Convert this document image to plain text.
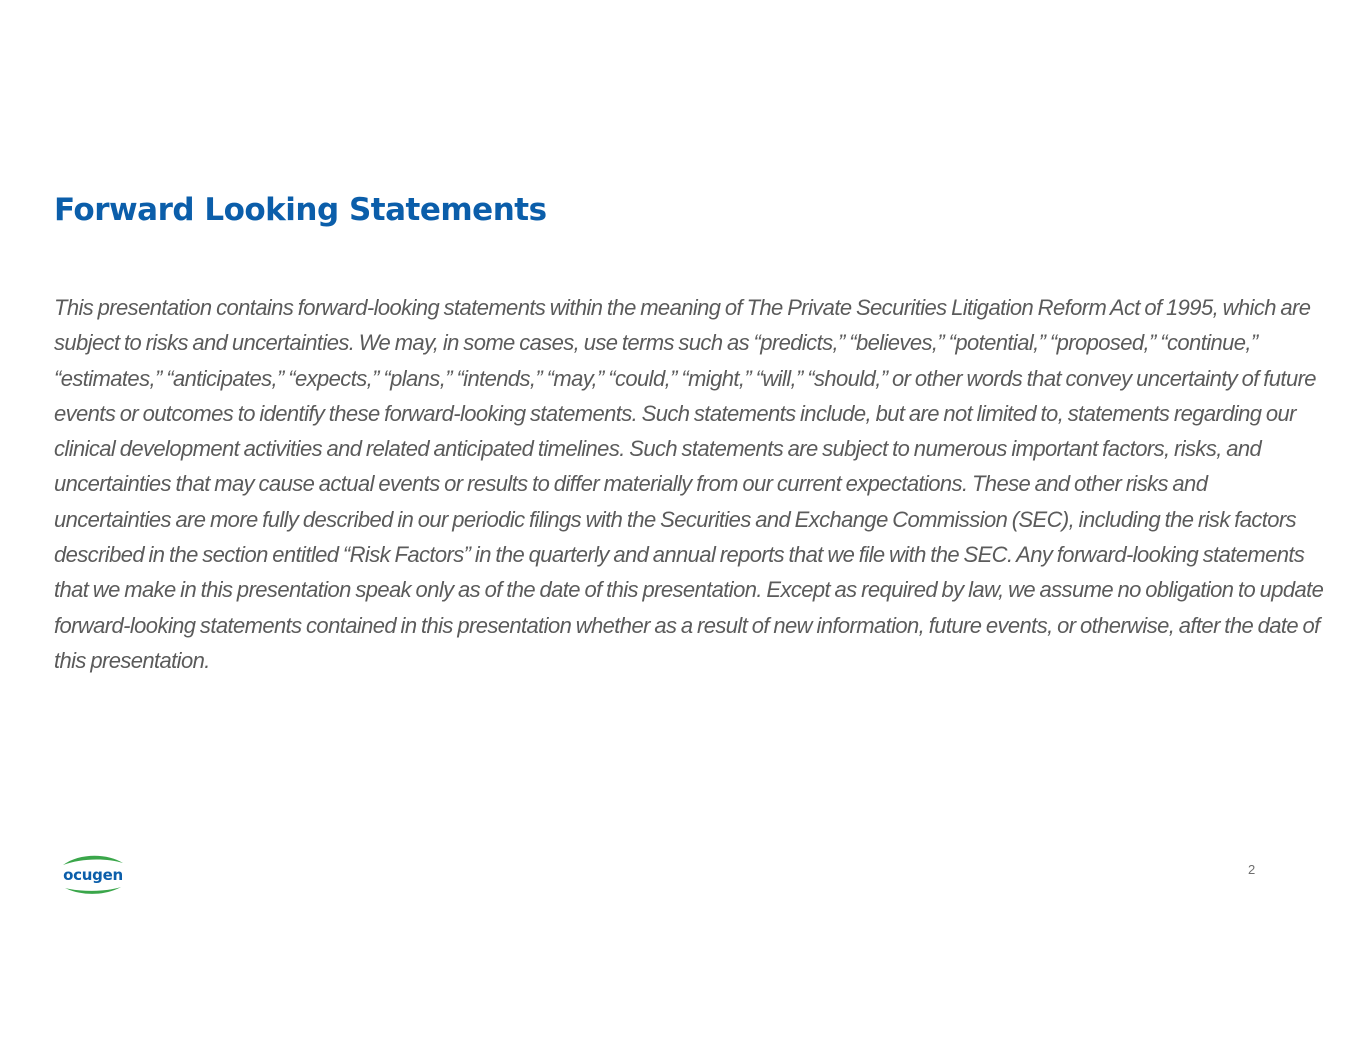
Forward Looking Statements

This presentation contains forward-looking statements within the meaning of The Private Securities Litigation Reform Act of 1995, which are subject to risks and uncertainties. We may, in some cases, use terms such as “predicts,” “believes,” “potential,” “proposed,” “continue,” “estimates,” “anticipates,” “expects,” “plans,” “intends,” “may,” “could,” “might,” “will,” “should,” or other words that convey uncertainty of future events or outcomes to identify these forward-looking statements. Such statements include, but are not limited to, statements regarding our clinical development activities and related anticipated timelines. Such statements are subject to numerous important factors, risks, and uncertainties that may cause actual events or results to differ materially from our current expectations. These and other risks and uncertainties are more fully described in our periodic filings with the Securities and Exchange Commission (SEC), including the risk factors described in the section entitled “Risk Factors” in the quarterly and annual reports that we file with the SEC. Any forward-looking statements that we make in this presentation speak only as of the date of this presentation. Except as required by law, we assume no obligation to update forward-looking statements contained in this presentation whether as a result of new information, future events, or otherwise, after the date of this presentation.

ocugen	2
